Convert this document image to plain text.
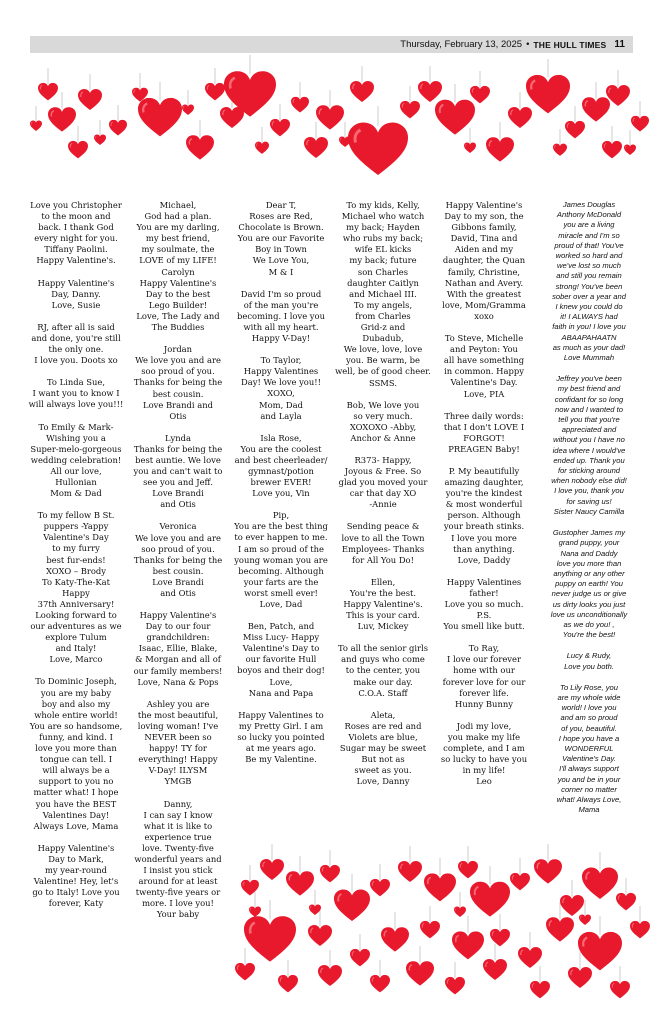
Thursday, February 13, 2025 • THE HULL TIMES 11

Love you Christopher
to the moon and
back. I thank God
every night for you.
Tiffany Paolini.
Happy Valentine's.

Happy Valentine's
Day, Danny.
Love, Susie

RJ, after all is said
and done, you're still
the only one.
I love you. Doots xo

To Linda Sue,
I want you to know I
will always love you!!!

To Emily & Mark-
Wishing you a
Super-melo-gorgeous
wedding celebration!
All our love,
Hullonian
Mom & Dad

To my fellow B St.
puppers -Yappy
Valentine's Day
to my furry
best fur-ends!
XOXO – Brody
To Katy-The-Kat
Happy
37th Anniversary!
Looking forward to
our adventures as we
explore Tulum
and Italy!
Love, Marco

To Dominic Joseph,
you are my baby
boy and also my
whole entire world!
You are so handsome,
funny, and kind. I
love you more than
tongue can tell. I
will always be a
support to you no
matter what! I hope
you have the BEST
Valentines Day!
Always Love, Mama

Happy Valentine's
Day to Mark,
my year-round
Valentine! Hey, let's
go to Italy! Love you
forever, Katy

Michael,
God had a plan.
You are my darling,
my best friend,
my soulmate, the
LOVE of my LIFE!
Carolyn
Happy Valentine's
Day to the best
Lego Builder!
Love, The Lady and
The Buddies

Jordan
We love you and are
soo proud of you.
Thanks for being the
best cousin.
Love Brandi and
Otis

Lynda
Thanks for being the
best auntie. We love
you and can't wait to
see you and Jeff.
Love Brandi
and Otis

Veronica
We love you and are
soo proud of you.
Thanks for being the
best cousin.
Love Brandi
and Otis

Happy Valentine's
Day to our four
grandchildren:
Isaac, Ellie, Blake,
& Morgan and all of
our family members!
Love, Nana & Pops

Ashley you are
the most beautiful,
loving woman! I've
NEVER been so
happy! TY for
everything! Happy
V-Day! ILYSM
YMGB

Danny,
I can say I know
what it is like to
experience true
love. Twenty-five
wonderful years and
I insist you stick
around for at least
twenty-five years or
more. I love you!
Your baby

Dear T,
Roses are Red,
Chocolate is Brown.
You are our Favorite
Boy in Town
We Love You,
M & I

David I'm so proud
of the man you're
becoming. I love you
with all my heart.
Happy V-Day!

To Taylor,
Happy Valentines
Day! We love you!!
XOXO,
Mom, Dad
and Layla

Isla Rose,
You are the coolest
and best cheerleader/
gymnast/potion
brewer EVER!
Love you, Vin

Pip,
You are the best thing
to ever happen to me.
I am so proud of the
young woman you are
becoming. Although
your farts are the
worst smell ever!
Love, Dad

Ben, Patch, and
Miss Lucy- Happy
Valentine's Day to
our favorite Hull
boyos and their dog!
Love,
Nana and Papa

Happy Valentines to
my Pretty Girl. I am
so lucky you pointed
at me years ago.
Be my Valentine.

To my kids, Kelly,
Michael who watch
my back; Hayden
who rubs my back;
wife EL kicks
my back; future
son Charles
daughter Caitlyn
and Michael III.
To my angels,
from Charles
Grid-z and
Dubadub,
We love, love, love
you. Be warm, be
well, be of good cheer.
SSMS.

Bob, We love you
so very much.
XOXOXO -Abby,
Anchor & Anne

R373- Happy,
Joyous & Free. So
glad you moved your
car that day XO
-Annie

Sending peace &
love to all the Town
Employees- Thanks
for All You Do!

Ellen,
You're the best.
Happy Valentine's.
This is your card.
Luv, Mickey

To all the senior girls
and guys who come
to the center, you
make our day.
C.O.A. Staff

Aleta,
Roses are red and
Violets are blue,
Sugar may be sweet
But not as
sweet as you.
Love, Danny

Happy Valentine's
Day to my son, the
Gibbons family,
David, Tina and
Aiden and my
daughter, the Quan
family, Christine,
Nathan and Avery.
With the greatest
love, Mom/Gramma
xoxo

To Steve, Michelle
and Peyton: You
all have something
in common. Happy
Valentine's Day.
Love, PIA

Three daily words:
that I don't LOVE I
FORGOT!
PREAGEN Baby!

P. My beautifully
amazing daughter,
you're the kindest
& most wonderful
person. Although
your breath stinks.
I love you more
than anything.
Love, Daddy

Happy Valentines
father!
Love you so much.
P.S.
You smell like butt.

To Ray,
I love our forever
home with our
forever love for our
forever life.
Hunny Bunny

Jodi my love,
you make my life
complete, and I am
so lucky to have you
in my life!
Leo

James Douglas
Anthony McDonald
you are a living
miracle and I'm so
proud of that! You've
worked so hard and
we've lost so much
and still you remain
strong! You've been
sober over a year and
I knew you could do
it! I ALWAYS had
faith in you! I love you
ABAAPAHAATN
as much as your dad!
Love Mummah

Jeffrey you've been
my best friend and
confidant for so long
now and I wanted to
tell you that you're
appreciated and
without you I have no
idea where I would've
ended up. Thank you
for sticking around
when nobody else did!
I love you, thank you
for saving us!
Sister Naucy Camilla

Gustopher James my
grand puppy, your
Nana and Daddy
love you more than
anything or any other
puppy on earth! You
never judge us or give
us dirty looks you just
love us unconditionally
as we do you! ,
You're the best!

Lucy & Rudy,
Love you both.

To Lily Rose, you
are my whole wide
world! I love you
and am so proud
of you, beautiful.
I hope you have a
WONDERFUL
Valentine's Day.
I'll always support
you and be in your
corner no matter
what! Always Love,
Mama
